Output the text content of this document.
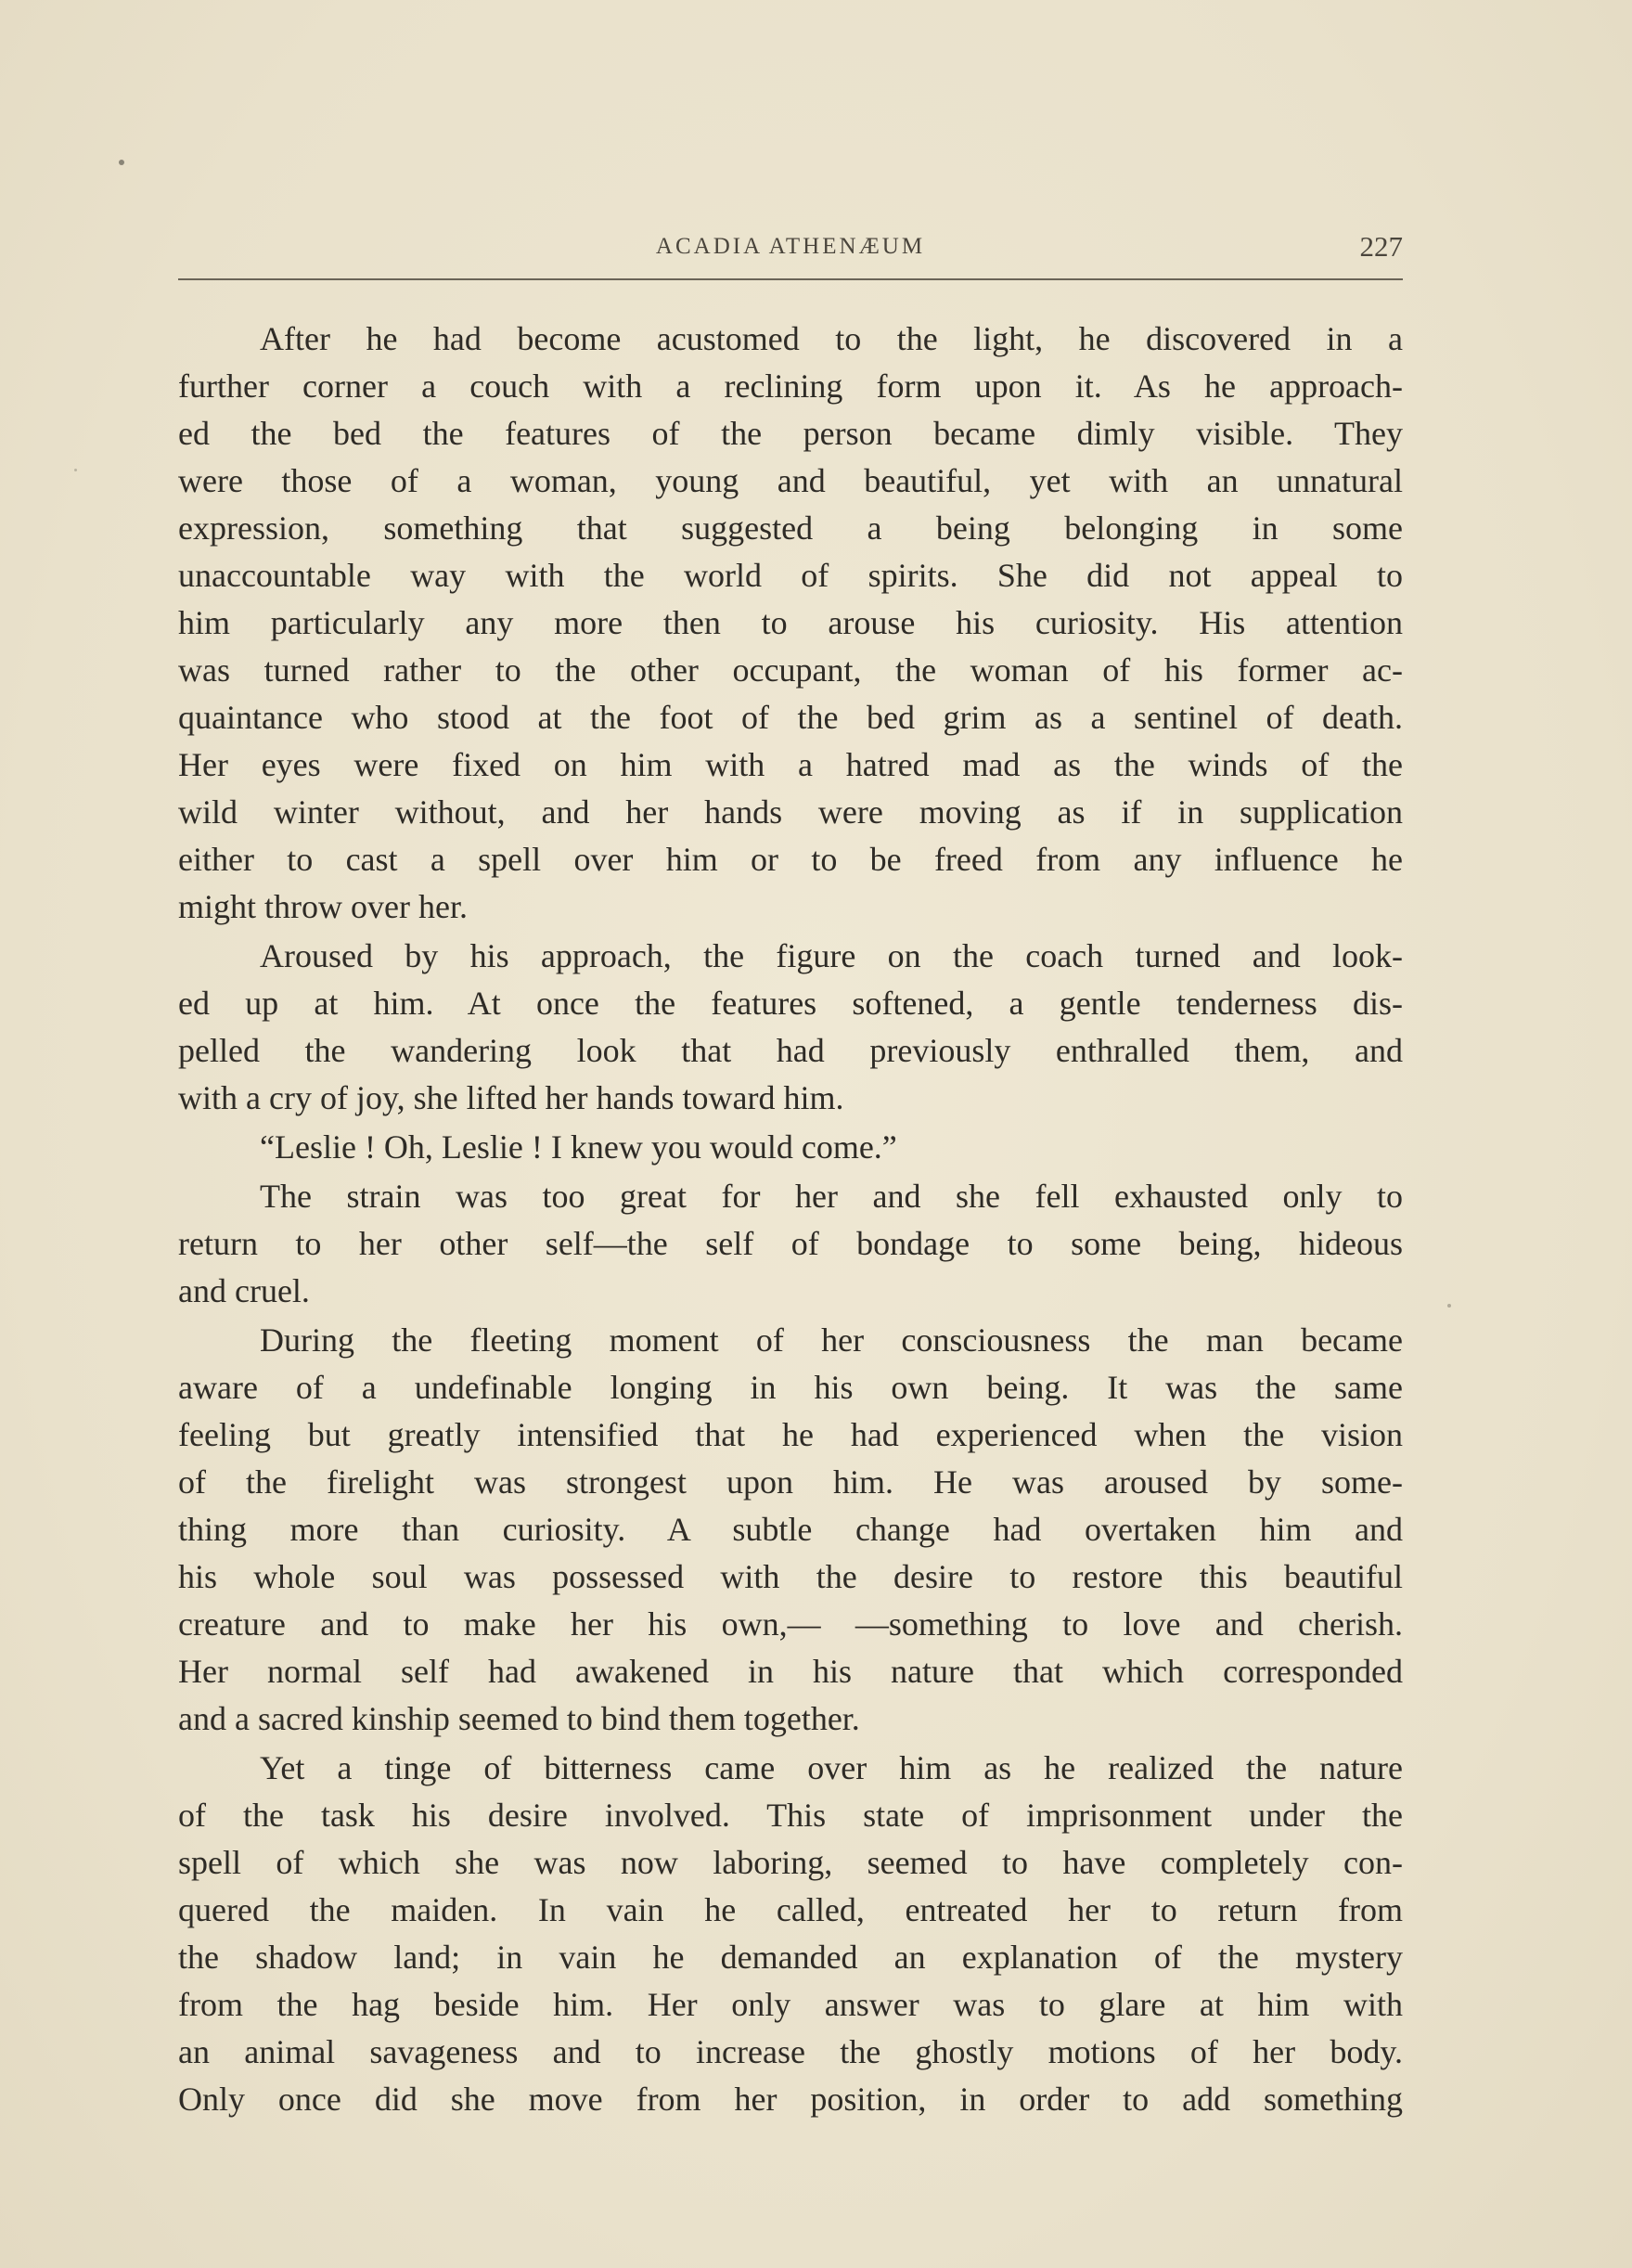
ACADIA ATHENÆUM	227
After he had become acustomed to the light, he discovered in a
further corner a couch with a reclining form upon it. As he approach-
ed the bed the features of the person became dimly visible. They
were those of a woman, young and beautiful, yet with an unnatural
expression, something that suggested a being belonging in some
unaccountable way with the world of spirits. She did not appeal to
him particularly any more then to arouse his curiosity. His attention
was turned rather to the other occupant, the woman of his former ac-
quaintance who stood at the foot of the bed grim as a sentinel of death.
Her eyes were fixed on him with a hatred mad as the winds of the
wild winter without, and her hands were moving as if in supplication
either to cast a spell over him or to be freed from any influence he
might throw over her.
Aroused by his approach, the figure on the coach turned and look-
ed up at him. At once the features softened, a gentle tenderness dis-
pelled the wandering look that had previously enthralled them, and
with a cry of joy, she lifted her hands toward him.
“Leslie ! Oh, Leslie ! I knew you would come.”
The strain was too great for her and she fell exhausted only to
return to her other self—the self of bondage to some being, hideous
and cruel.
During the fleeting moment of her consciousness the man became
aware of a undefinable longing in his own being. It was the same
feeling but greatly intensified that he had experienced when the vision
of the firelight was strongest upon him. He was aroused by some-
thing more than curiosity. A subtle change had overtaken him and
his whole soul was possessed with the desire to restore this beautiful
creature and to make her his own,— —something to love and cherish.
Her normal self had awakened in his nature that which corresponded
and a sacred kinship seemed to bind them together.
Yet a tinge of bitterness came over him as he realized the nature
of the task his desire involved. This state of imprisonment under the
spell of which she was now laboring, seemed to have completely con-
quered the maiden. In vain he called, entreated her to return from
the shadow land; in vain he demanded an explanation of the mystery
from the hag beside him. Her only answer was to glare at him with
an animal savageness and to increase the ghostly motions of her body.
Only once did she move from her position, in order to add something
